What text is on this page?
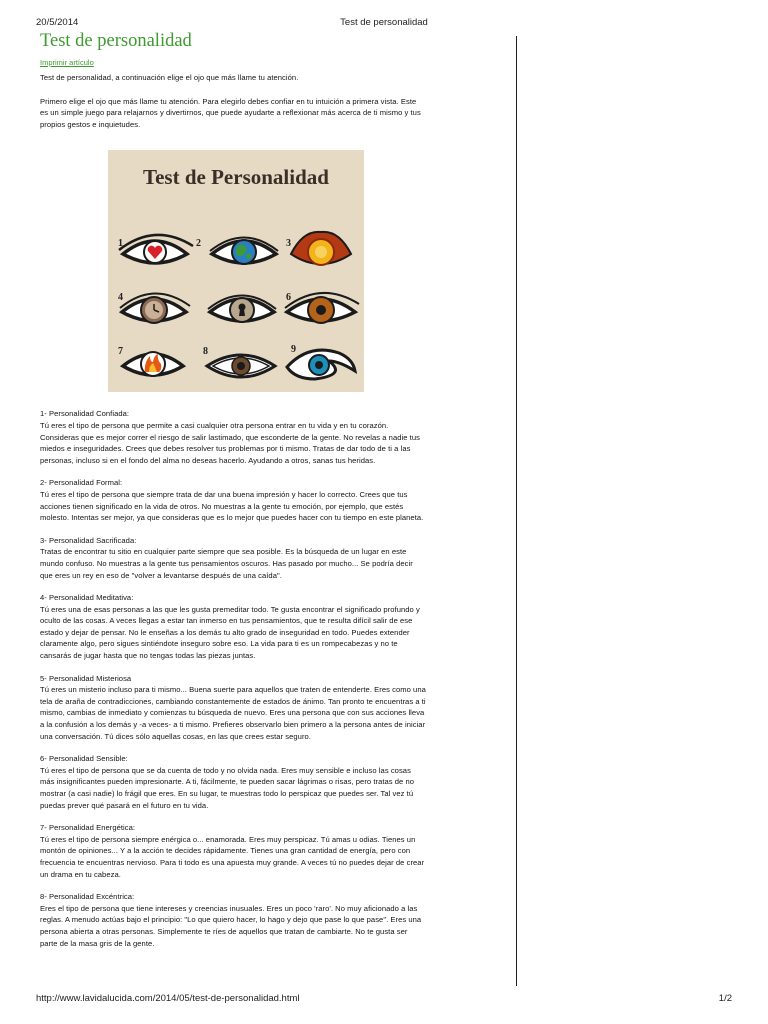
20/5/2014	Test de personalidad
Test de personalidad
Imprimir artículo

Test de personalidad, a continuación elige el ojo que más llame tu atención.

Primero elige el ojo que más llame tu atención. Para elegirlo debes confiar en tu intuición a primera vista. Este es un simple juego para relajarnos y divertirnos, que puede ayudarte a reflexionar más acerca de ti mismo y tus propios gestos e inquietudes.

Test de Personalidad
1	2	3
4	6
7	8	9

1- Personalidad Confiada:
Tú eres el tipo de persona que permite a casi cualquier otra persona entrar en tu vida y en tu corazón. Consideras que es mejor correr el riesgo de salir lastimado, que esconderte de la gente. No revelas a nadie tus miedos e inseguridades. Crees que debes resolver tus problemas por ti mismo. Tratas de dar todo de ti a las personas, incluso si en el fondo del alma no deseas hacerlo. Ayudando a otros, sanas tus heridas.

2- Personalidad Formal:
Tú eres el tipo de persona que siempre trata de dar una buena impresión y hacer lo correcto. Crees que tus acciones tienen significado en la vida de otros. No muestras a la gente tu emoción, por ejemplo, que estés molesto. Intentas ser mejor, ya que consideras que es lo mejor que puedes hacer con tu tiempo en este planeta.

3- Personalidad Sacrificada:
Tratas de encontrar tu sitio en cualquier parte siempre que sea posible. Es la búsqueda de un lugar en este mundo confuso. No muestras a la gente tus pensamientos oscuros. Has pasado por mucho... Se podría decir que eres un rey en eso de "volver a levantarse después de una caída".

4- Personalidad Meditativa:
Tú eres una de esas personas a las que les gusta premeditar todo. Te gusta encontrar el significado profundo y oculto de las cosas. A veces llegas a estar tan inmerso en tus pensamientos, que te resulta difícil salir de ese estado y dejar de pensar. No le enseñas a los demás tu alto grado de inseguridad en todo. Puedes extender claramente algo, pero sigues sintiéndote inseguro sobre eso. La vida para ti es un rompecabezas y no te cansarás de jugar hasta que no tengas todas las piezas juntas.

5- Personalidad Misteriosa
Tú eres un misterio incluso para ti mismo... Buena suerte para aquellos que traten de entenderte. Eres como una tela de araña de contradicciones, cambiando constantemente de estados de ánimo. Tan pronto te encuentras a ti mismo, cambias de inmediato y comienzas tu búsqueda de nuevo. Eres una persona que con sus acciones lleva a la confusión a los demás y -a veces- a ti mismo. Prefieres observarlo bien primero a la persona antes de iniciar una conversación. Tú dices sólo aquellas cosas, en las que crees estar seguro.

6- Personalidad Sensible:
Tú eres el tipo de persona que se da cuenta de todo y no olvida nada. Eres muy sensible e incluso las cosas más insignificantes pueden impresionarte. A ti, fácilmente, te pueden sacar lágrimas o risas, pero tratas de no mostrar (a casi nadie) lo frágil que eres. En su lugar, te muestras todo lo perspicaz que puedes ser. Tal vez tú puedas prever qué pasará en el futuro en tu vida.

7- Personalidad Energética:
Tú eres el tipo de persona siempre enérgica o... enamorada. Eres muy perspicaz. Tú amas u odias. Tienes un montón de opiniones... Y a la acción te decides rápidamente. Tienes una gran cantidad de energía, pero con frecuencia te encuentras nervioso. Para ti todo es una apuesta muy grande. A veces tú no puedes dejar de crear un drama en tu cabeza.

8- Personalidad Excéntrica:
Eres el tipo de persona que tiene intereses y creencias inusuales. Eres un poco 'raro'. No muy aficionado a las reglas. A menudo actúas bajo el principio: "Lo que quiero hacer, lo hago y dejo que pase lo que pase". Eres una persona abierta a otras personas. Simplemente te ríes de aquellos que tratan de cambiarte. No te gusta ser parte de la masa gris de la gente.

http://www.lavidalucida.com/2014/05/test-de-personalidad.html	1/2
